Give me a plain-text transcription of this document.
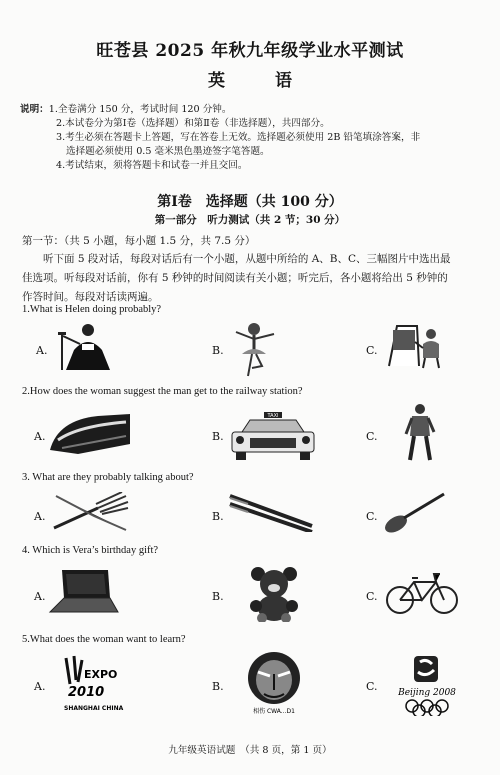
旺苍县 2025 年秋九年级学业水平测试
英 语
说明：1.全卷满分 150 分，考试时间 120 分钟。
2.本试卷分为第Ⅰ卷（选择题）和第Ⅱ卷（非选择题），共四部分。
3.考生必须在答题卡上答题，写在答卷上无效。选择题必须使用 2B 铅笔填涂答案，非
选择题必须使用 0.5 毫米黑色墨迹签字笔答题。
4.考试结束，须将答题卡和试卷一并且交回。
第Ⅰ卷　选择题（共 100 分）
第一部分　听力测试（共 2 节；30 分）
第一节：（共 5 小题，每小题 1.5 分，共 7.5 分）
听下面 5 段对话，每段对话后有一个小题，从题中所给的 A、B、C、三幅图片中选出最
佳选项。听每段对话前，你有 5 秒钟的时间阅读有关小题；听完后，各小题将给出 5 秒钟的
作答时间。每段对话读两遍。
1.What is Helen doing probably?
A.	B.	C.
2.How does the woman suggest the man get to the railway station?
A.	B.	C.
TAXI
3. What are they probably talking about?
A.	B.	C.
4. Which is Vera’s birthday gift?
A.	B.	C.
5.What does the woman want to learn?
A.	B.	C.
EXPO
2010
SHANGHAI CHINA	相伤 CWA...D1
Beijing 2008
九年级英语试题　（共 8 页，第 1 页）
